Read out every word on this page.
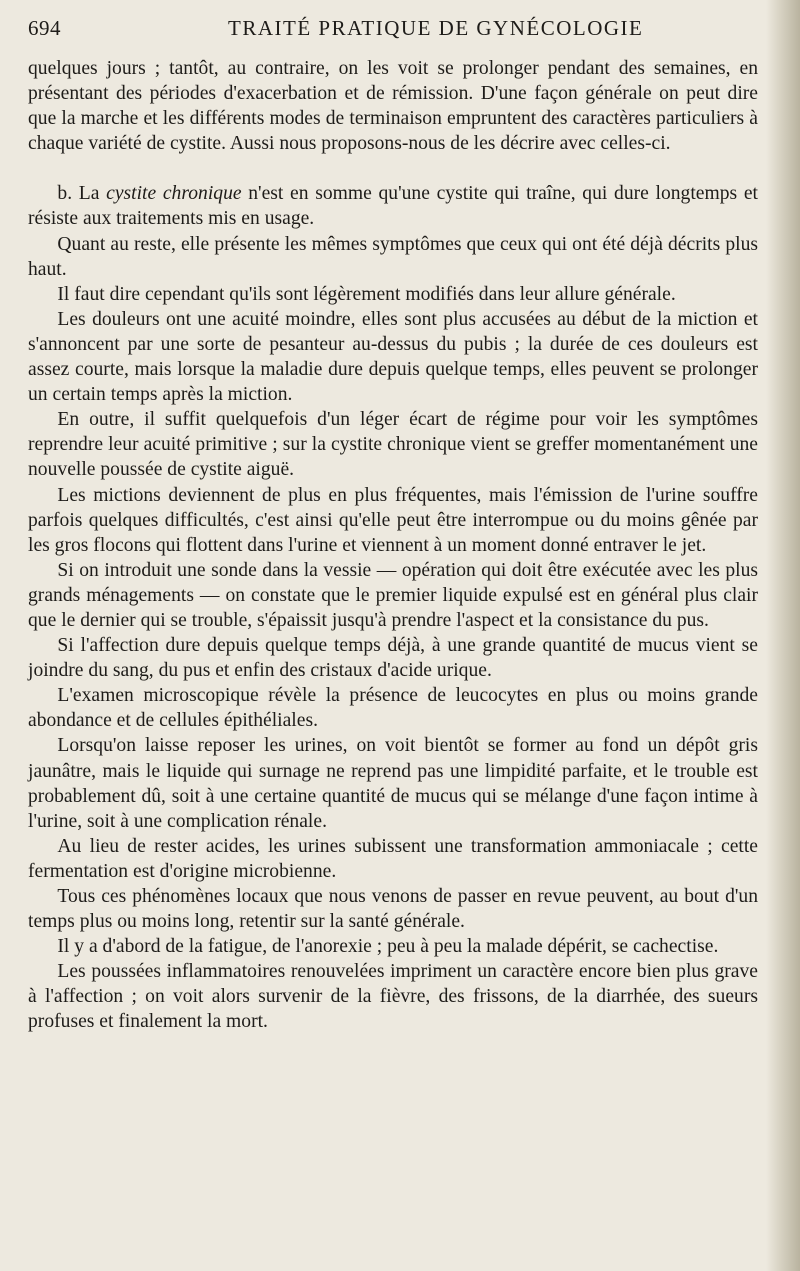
694	TRAITÉ PRATIQUE DE GYNÉCOLOGIE

quelques jours ; tantôt, au contraire, on les voit se prolonger pendant des semaines, en présentant des périodes d'exacerbation et de rémission. D'une façon générale on peut dire que la marche et les différents modes de terminaison empruntent des caractères particuliers à chaque variété de cystite. Aussi nous proposons-nous de les décrire avec celles-ci.

b. La cystite chronique n'est en somme qu'une cystite qui traîne, qui dure longtemps et résiste aux traitements mis en usage.

Quant au reste, elle présente les mêmes symptômes que ceux qui ont été déjà décrits plus haut.

Il faut dire cependant qu'ils sont légèrement modifiés dans leur allure générale.

Les douleurs ont une acuité moindre, elles sont plus accusées au début de la miction et s'annoncent par une sorte de pesanteur au-dessus du pubis ; la durée de ces douleurs est assez courte, mais lorsque la maladie dure depuis quelque temps, elles peuvent se prolonger un certain temps après la miction.

En outre, il suffit quelquefois d'un léger écart de régime pour voir les symptômes reprendre leur acuité primitive ; sur la cystite chronique vient se greffer momentanément une nouvelle poussée de cystite aiguë.

Les mictions deviennent de plus en plus fréquentes, mais l'émission de l'urine souffre parfois quelques difficultés, c'est ainsi qu'elle peut être interrompue ou du moins gênée par les gros flocons qui flottent dans l'urine et viennent à un moment donné entraver le jet.

Si on introduit une sonde dans la vessie — opération qui doit être exécutée avec les plus grands ménagements — on constate que le premier liquide expulsé est en général plus clair que le dernier qui se trouble, s'épaissit jusqu'à prendre l'aspect et la consistance du pus.

Si l'affection dure depuis quelque temps déjà, à une grande quantité de mucus vient se joindre du sang, du pus et enfin des cristaux d'acide urique.

L'examen microscopique révèle la présence de leucocytes en plus ou moins grande abondance et de cellules épithéliales.

Lorsqu'on laisse reposer les urines, on voit bientôt se former au fond un dépôt gris jaunâtre, mais le liquide qui surnage ne reprend pas une limpidité parfaite, et le trouble est probablement dû, soit à une certaine quantité de mucus qui se mélange d'une façon intime à l'urine, soit à une complication rénale.

Au lieu de rester acides, les urines subissent une transformation ammoniacale ; cette fermentation est d'origine microbienne.

Tous ces phénomènes locaux que nous venons de passer en revue peuvent, au bout d'un temps plus ou moins long, retentir sur la santé générale.

Il y a d'abord de la fatigue, de l'anorexie ; peu à peu la malade dépérit, se cachectise.

Les poussées inflammatoires renouvelées impriment un caractère encore bien plus grave à l'affection ; on voit alors survenir de la fièvre, des frissons, de la diarrhée, des sueurs profuses et finalement la mort.
